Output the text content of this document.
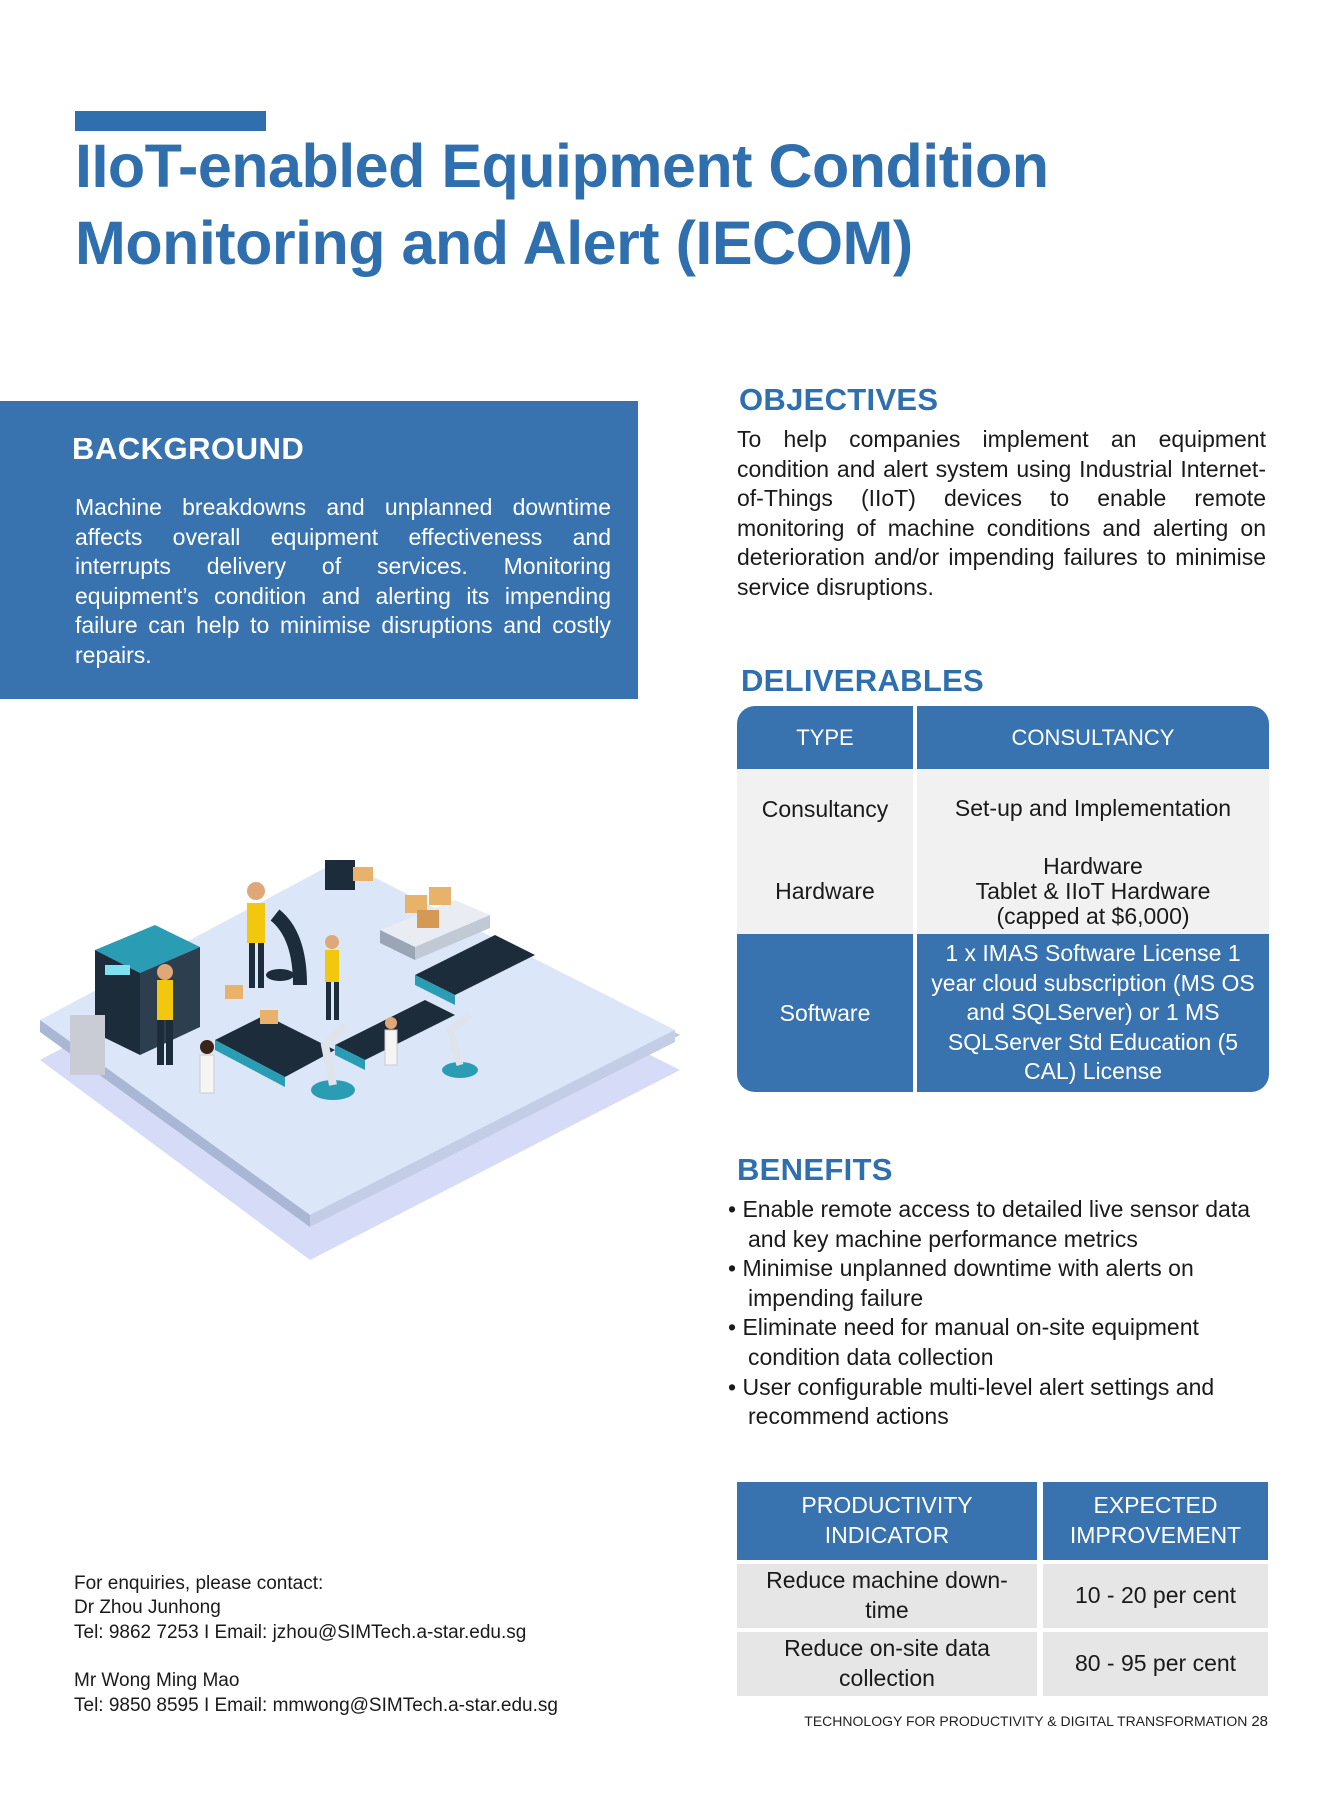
IIoT-enabled Equipment Condition
Monitoring and Alert (IECOM)
BACKGROUND

Machine breakdowns and unplanned downtime affects overall equipment effectiveness and interrupts delivery of services. Monitoring equipment’s condition and alerting its impending failure can help to minimise disruptions and costly repairs.

OBJECTIVES

To help companies implement an equipment condition and alert system using Industrial Internet-of-Things (IIoT) devices to enable remote monitoring of machine conditions and alerting on deterioration and/or impending failures to minimise service disruptions.

DELIVERABLES
TYPE	CONSULTANCY
Consultancy	Set-up and Implementation
Hardware
Hardware
Tablet & IIoT Hardware
(capped at $6,000)
Software
1 x IMAS Software License 1 year cloud subscription (MS OS and SQLServer) or 1 MS SQLServer Std Education (5 CAL) License
BENEFITS
• Enable remote access to detailed live sensor data and key machine performance metrics
• Minimise unplanned downtime with alerts on impending failure
• Eliminate need for manual on-site equipment condition data collection
• User configurable multi-level alert settings and recommend actions
PRODUCTIVITY INDICATOR
EXPECTED IMPROVEMENT
Reduce machine down-time
10 - 20 per cent
Reduce on-site data collection
80 - 95 per cent

For enquiries, please contact:

Dr Zhou Junhong

Tel: 9862 7253 I Email: jzhou@SIMTech.a-star.edu.sg

Mr Wong Ming Mao

Tel: 9850 8595 I Email: mmwong@SIMTech.a-star.edu.sg

TECHNOLOGY FOR PRODUCTIVITY & DIGITAL TRANSFORMATION 28
